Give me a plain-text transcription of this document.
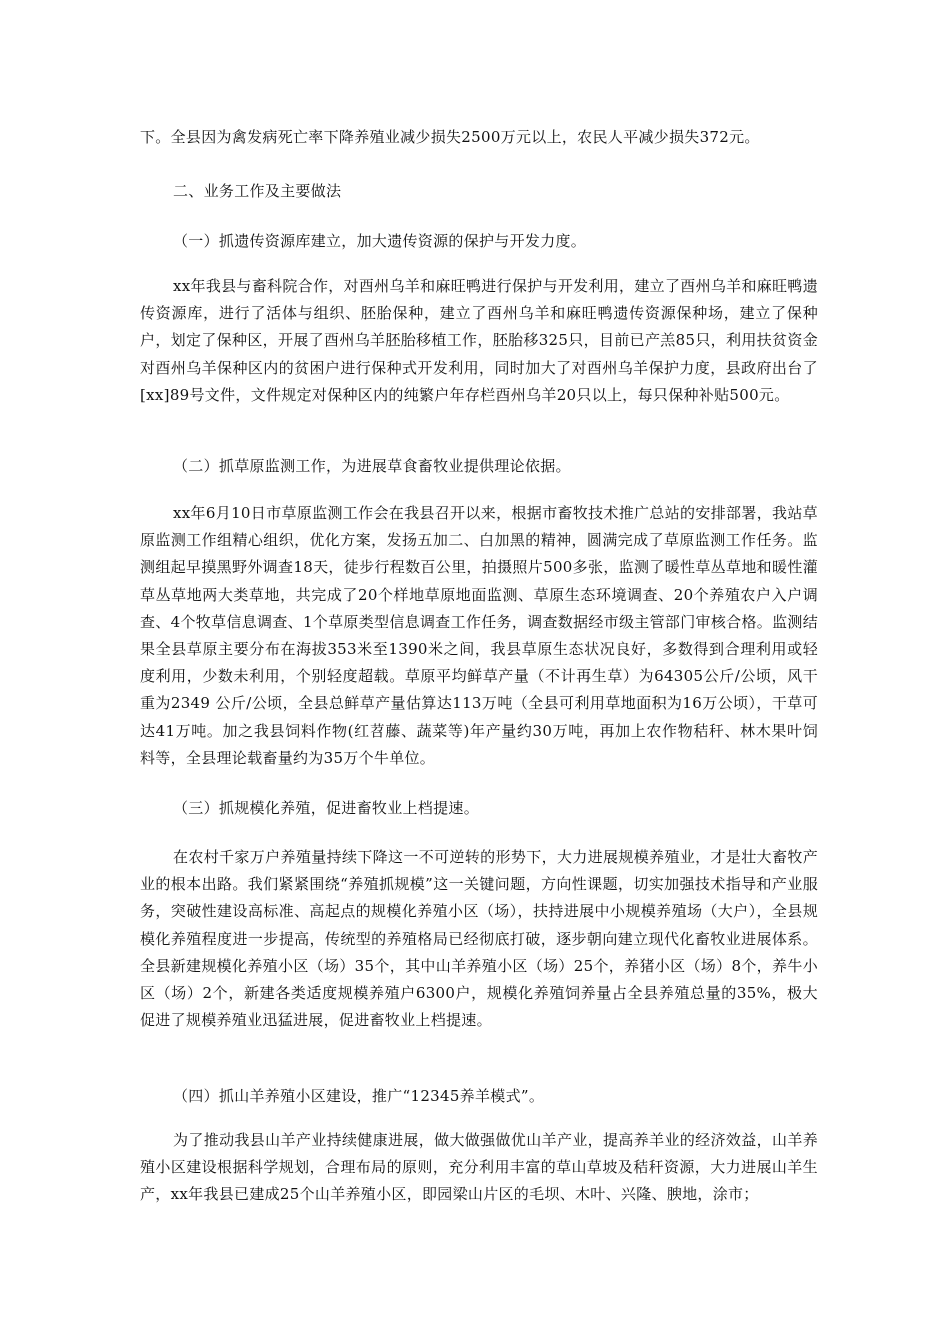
下。全县因为禽发病死亡率下降养殖业减少损失2500万元以上，农民人平减少损失372元。

二、业务工作及主要做法

（一）抓遗传资源库建立，加大遗传资源的保护与开发力度。

xx年我县与畜科院合作，对酉州乌羊和麻旺鸭进行保护与开发利用，建立了酉州乌羊和麻旺鸭遗传资源库，进行了活体与组织、胚胎保种，建立了酉州乌羊和麻旺鸭遗传资源保种场，建立了保种户，划定了保种区，开展了酉州乌羊胚胎移植工作，胚胎移325只，目前已产羔85只，利用扶贫资金对酉州乌羊保种区内的贫困户进行保种式开发利用，同时加大了对酉州乌羊保护力度，县政府出台了[xx]89号文件，文件规定对保种区内的纯繁户年存栏酉州乌羊20只以上，每只保种补贴500元。

（二）抓草原监测工作，为进展草食畜牧业提供理论依据。

xx年6月10日市草原监测工作会在我县召开以来，根据市畜牧技术推广总站的安排部署，我站草原监测工作组精心组织，优化方案，发扬五加二、白加黑的精神，圆满完成了草原监测工作任务。监测组起早摸黑野外调查18天，徒步行程数百公里，拍摄照片500多张，监测了暖性草丛草地和暖性灌草丛草地两大类草地，共完成了20个样地草原地面监测、草原生态环境调查、20个养殖农户入户调查、4个牧草信息调查、1个草原类型信息调查工作任务，调查数据经市级主管部门审核合格。监测结果全县草原主要分布在海拔353米至1390米之间，我县草原生态状况良好，多数得到合理利用或轻度利用，少数未利用，个别轻度超载。草原平均鲜草产量（不计再生草）为64305公斤/公顷，风干重为2349 公斤/公顷，全县总鲜草产量估算达113万吨（全县可利用草地面积为16万公顷），干草可达41万吨。加之我县饲料作物(红苕藤、蔬菜等)年产量约30万吨，再加上农作物秸秆、林木果叶饲料等，全县理论载畜量约为35万个牛单位。

（三）抓规模化养殖，促进畜牧业上档提速。

在农村千家万户养殖量持续下降这一不可逆转的形势下，大力进展规模养殖业，才是壮大畜牧产业的根本出路。我们紧紧围绕“养殖抓规模”这一关键问题，方向性课题，切实加强技术指导和产业服务，突破性建设高标准、高起点的规模化养殖小区（场），扶持进展中小规模养殖场（大户），全县规模化养殖程度进一步提高，传统型的养殖格局已经彻底打破，逐步朝向建立现代化畜牧业进展体系。全县新建规模化养殖小区（场）35个，其中山羊养殖小区（场）25个，养猪小区（场）8个，养牛小区（场）2个，新建各类适度规模养殖户6300户，规模化养殖饲养量占全县养殖总量的35%，极大促进了规模养殖业迅猛进展，促进畜牧业上档提速。

（四）抓山羊养殖小区建设，推广“12345养羊模式”。

为了推动我县山羊产业持续健康进展，做大做强做优山羊产业，提高养羊业的经济效益，山羊养殖小区建设根据科学规划，合理布局的原则，充分利用丰富的草山草坡及秸秆资源，大力进展山羊生产，xx年我县已建成25个山羊养殖小区，即园梁山片区的毛坝、木叶、兴隆、腴地，涂市；
